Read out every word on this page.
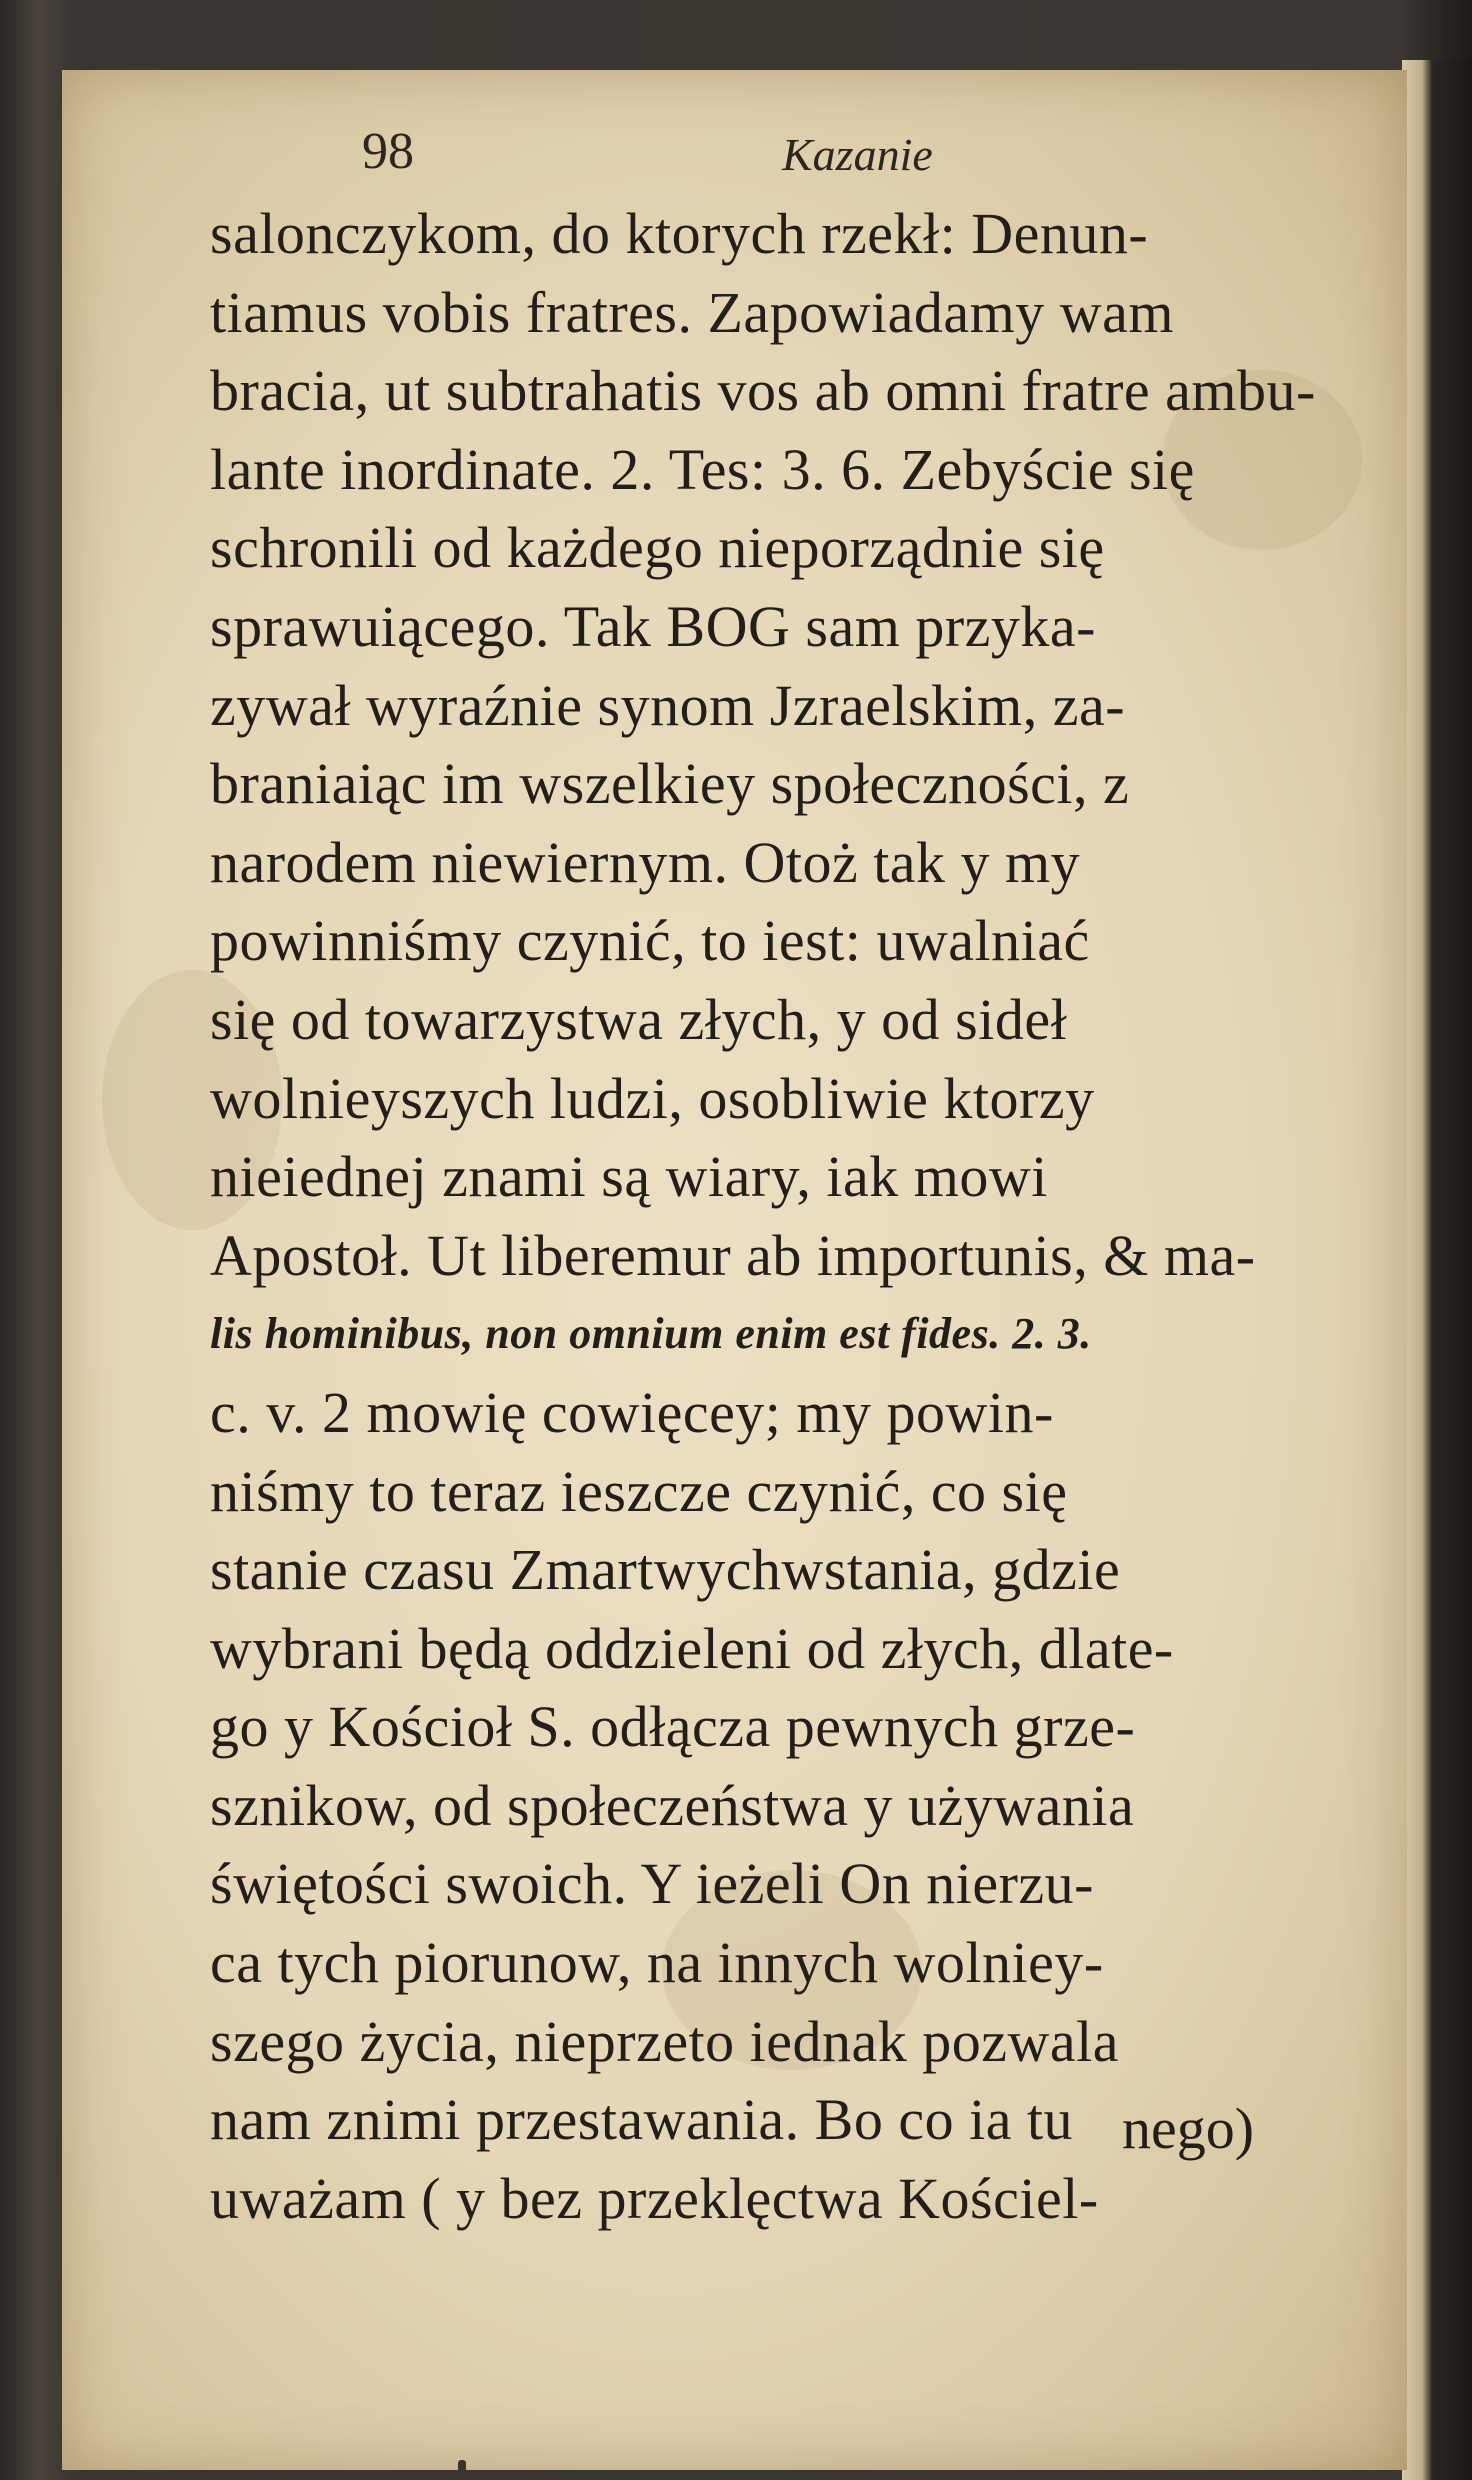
98	Kazanie
salonczykom, do ktorych rzekł: Denun-
tiamus vobis fratres. Zapowiadamy wam
bracia, ut subtrahatis vos ab omni fratre ambu-
lante inordinate. 2. Tes: 3. 6. Zebyście się
schronili od każdego nieporządnie się
sprawuiącego. Tak BOG sam przyka-
zywał wyraźnie synom Jzraelskim, za-
braniaiąc im wszelkiey społeczności, z
narodem niewiernym. Otoż tak y my
powinniśmy czynić, to iest: uwalniać
się od towarzystwa złych, y od sideł
wolnieyszych ludzi, osobliwie ktorzy
nieiednej znami są wiary, iak mowi
Apostoł. Ut liberemur ab importunis, & ma-
lis hominibus, non omnium enim est fides. 2. 3.
c. v. 2 mowię cowięcey; my powin-
niśmy to teraz ieszcze czynić, co się
stanie czasu Zmartwychwstania, gdzie
wybrani będą oddzieleni od złych, dlate-
go y Kościoł S. odłącza pewnych grze-
sznikow, od społeczeństwa y używania
świętości swoich. Y ieżeli On nierzu-
ca tych piorunow, na innych wolniey-
szego życia, nieprzeto iednak pozwala
nam znimi przestawania. Bo co ia tu
uważam ( y bez przeklęctwa Kościel-
nego)
